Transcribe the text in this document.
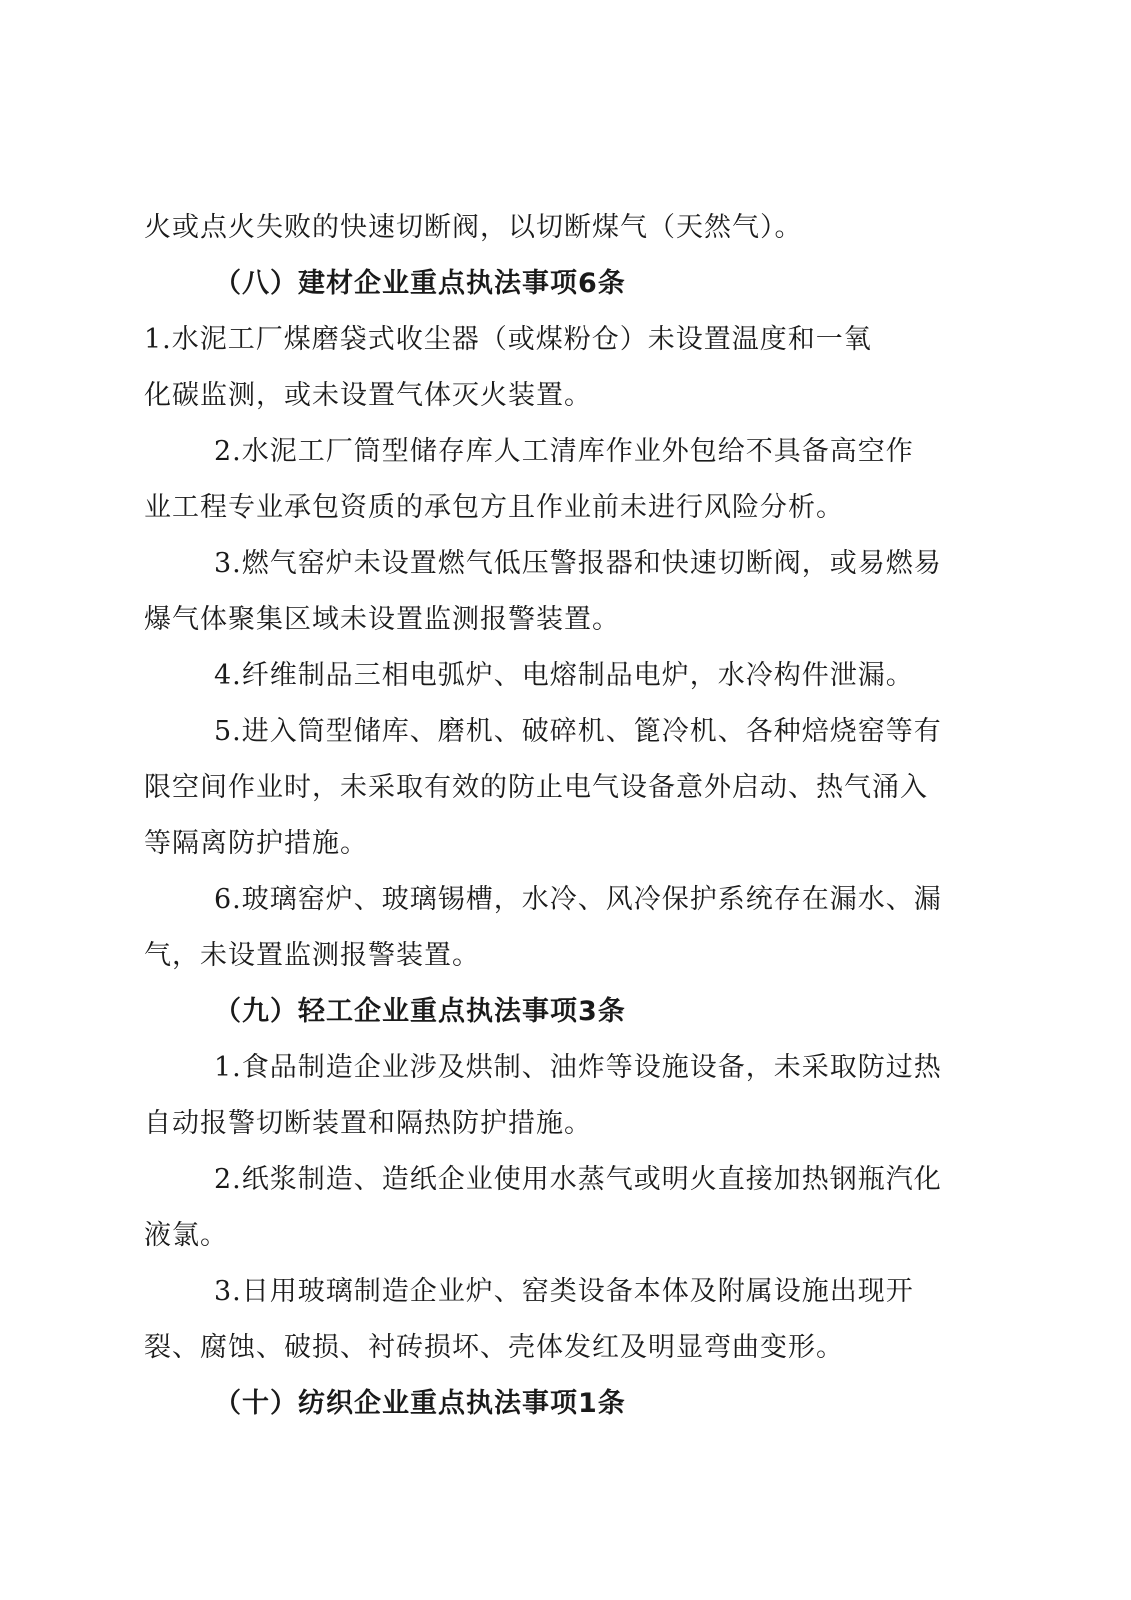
火或点火失败的快速切断阀，以切断煤气（天然气）。
（八）建材企业重点执法事项6条
1.水泥工厂煤磨袋式收尘器（或煤粉仓）未设置温度和一氧
化碳监测，或未设置气体灭火装置。
2.水泥工厂筒型储存库人工清库作业外包给不具备高空作
业工程专业承包资质的承包方且作业前未进行风险分析。
3.燃气窑炉未设置燃气低压警报器和快速切断阀，或易燃易
爆气体聚集区域未设置监测报警装置。
4.纤维制品三相电弧炉、电熔制品电炉，水冷构件泄漏。
5.进入筒型储库、磨机、破碎机、篦冷机、各种焙烧窑等有
限空间作业时，未采取有效的防止电气设备意外启动、热气涌入
等隔离防护措施。
6.玻璃窑炉、玻璃锡槽，水冷、风冷保护系统存在漏水、漏
气，未设置监测报警装置。
（九）轻工企业重点执法事项3条
1.食品制造企业涉及烘制、油炸等设施设备，未采取防过热
自动报警切断装置和隔热防护措施。
2.纸浆制造、造纸企业使用水蒸气或明火直接加热钢瓶汽化
液氯。
3.日用玻璃制造企业炉、窑类设备本体及附属设施出现开
裂、腐蚀、破损、衬砖损坏、壳体发红及明显弯曲变形。
（十）纺织企业重点执法事项1条
